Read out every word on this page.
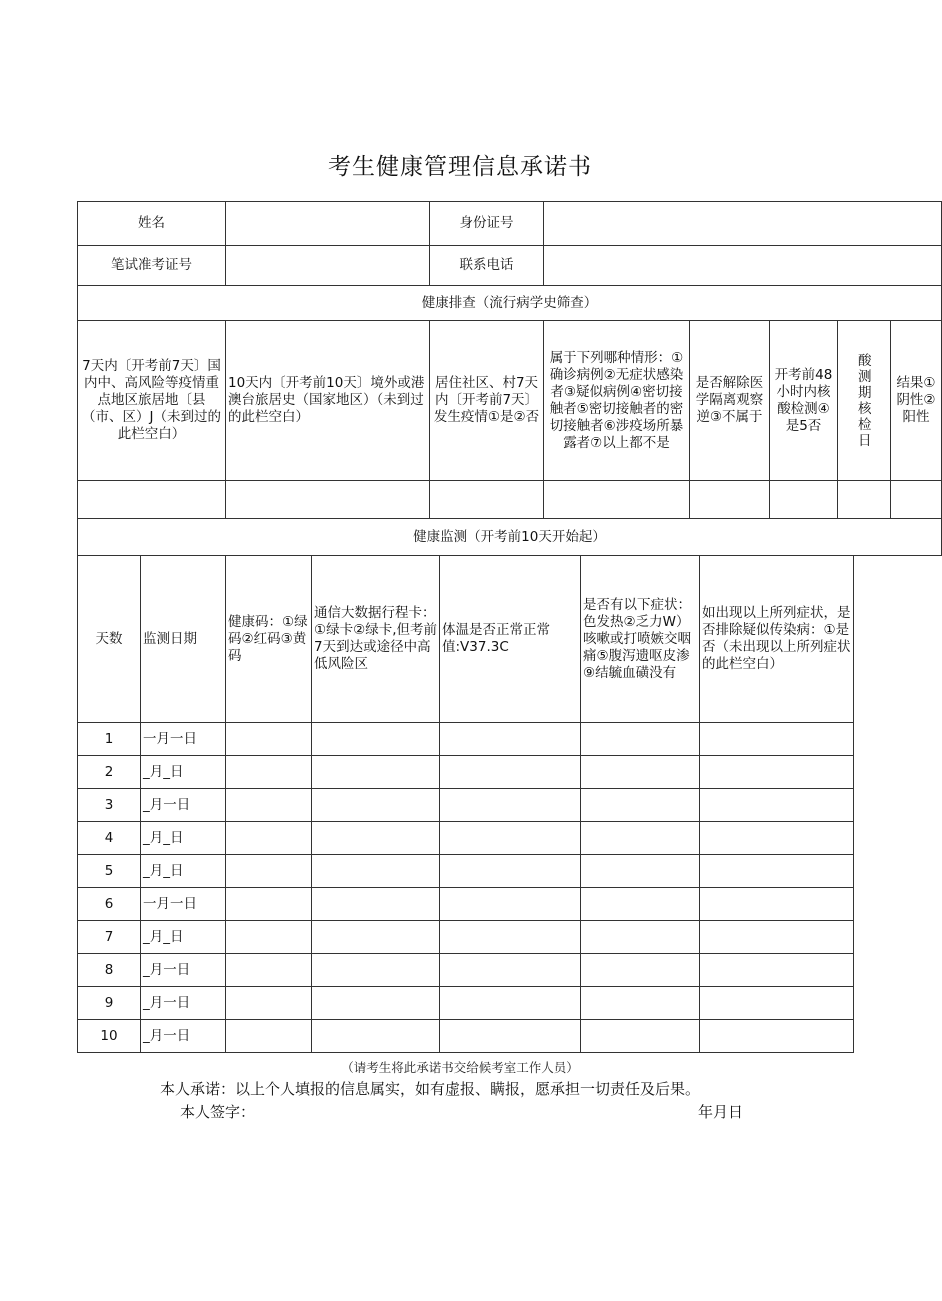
考生健康管理信息承诺书
姓名		身份证号					
笔试准考证号		联系电话					
健康排查（流行病学史筛查）							
7天内〔开考前7天〕国内中、高风险等疫情重点地区旅居地〔县（市、区）J（未到过的此栏空白）	10天内〔开考前10天〕境外或港澳台旅居史（国家地区）（未到过的此栏空白）	居住社区、村7天内〔开考前7天〕发生疫情①是②否	属于下列哪种情形：①确诊病例②无症状感染者③疑似病例④密切接触者⑤密切接触者的密切接触者⑥涉疫场所暴露者⑦以上都不是	是否解除医学隔离观察逆③不属于	开考前48小时内核酸检测④是5否	酸测期核检日	结果①阴性②阳性

健康监测（开考前10天开始起）							
天数	监测日期	健康码：①绿码②红码③黄码	通信大数据行程卡：①绿卡②绿卡,但考前7天到达或途径中高低风险区	体温是否正常正常值:V37.3C	是否有以下症状：色发热②乏力W）咳嗽或打喷嫉交咽痛⑤腹泻遗呕皮渗⑨结毓血磺没有	如出现以上所列症状，是否排除疑似传染病：①是否（未出现以上所列症状的此栏空白）
1	一月一日					
2	_月_日					
3	_月一日					
4	_月_日					
5	_月_日					
6	一月一日					
7	_月_日					
8	_月一日					
9	_月一日					
10	_月一日					
（请考生将此承诺书交给候考室工作人员）
本人承诺：以上个人填报的信息属实，如有虚报、瞒报，愿承担一切责任及后果。
本人签字：	年月日
